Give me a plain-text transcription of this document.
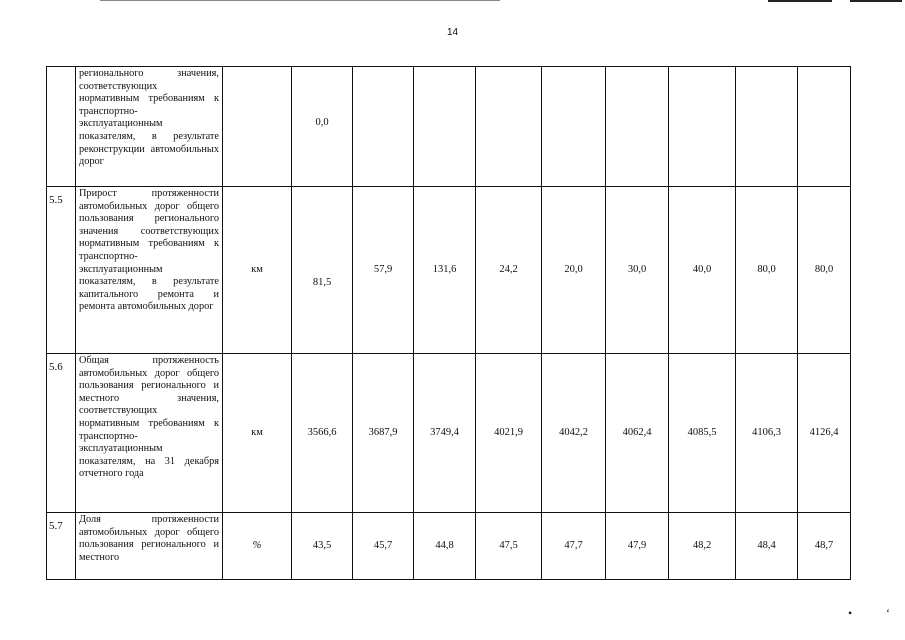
14
	регионального значения, соответствующих нормативным требованиям к транспортно-эксплуатационным показателям, в результате реконструкции автомобильных дорог		0,0								
5.5	Прирост протяженности автомобильных дорог общего пользования регионального значения соответствующих нормативным требованиям к транспортно-эксплуатационным показателям, в результате капитального ремонта и ремонта автомобильных дорог	км	81,5	57,9	131,6	24,2	20,0	30,0	40,0	80,0	80,0
5.6	Общая протяженность автомобильных дорог общего пользования регионального и местного значения, соответствующих нормативным требованиям к транспортно-эксплуатационным показателям, на 31 декабря отчетного года	км	3566,6	3687,9	3749,4	4021,9	4042,2	4062,4	4085,5	4106,3	4126,4
5.7	Доля протяженности автомобильных дорог общего пользования регионального и местного	%	43,5	45,7	44,8	47,5	47,7	47,9	48,2	48,4	48,7
•	‘
